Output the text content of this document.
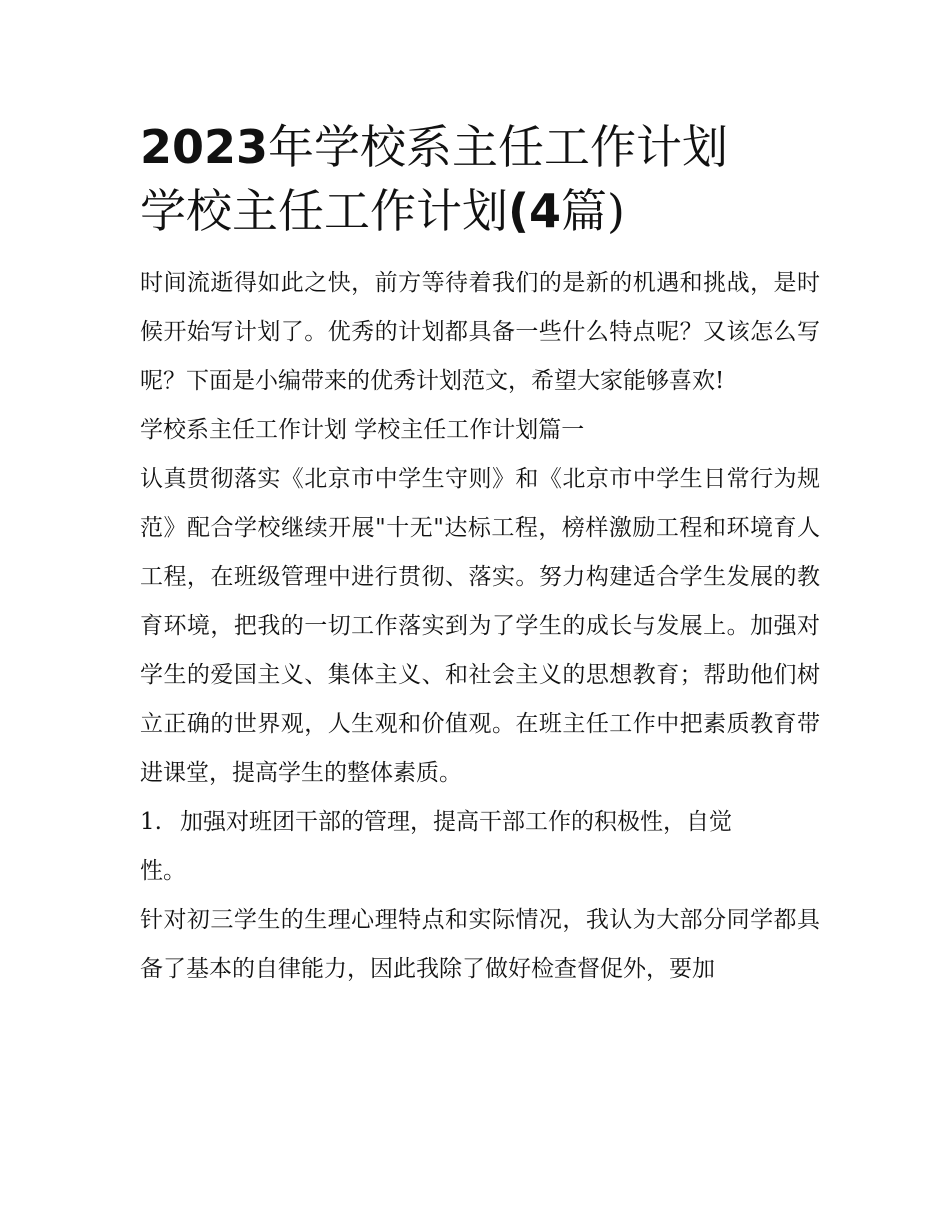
2023年学校系主任工作计划
学校主任工作计划(4篇)

时间流逝得如此之快，前方等待着我们的是新的机遇和挑战，是时候开始写计划了。优秀的计划都具备一些什么特点呢？又该怎么写呢？下面是小编带来的优秀计划范文，希望大家能够喜欢!

学校系主任工作计划 学校主任工作计划篇一

认真贯彻落实《北京市中学生守则》和《北京市中学生日常行为规范》配合学校继续开展"十无"达标工程，榜样激励工程和环境育人工程，在班级管理中进行贯彻、落实。努力构建适合学生发展的教育环境，把我的一切工作落实到为了学生的成长与发展上。加强对学生的爱国主义、集体主义、和社会主义的思想教育；帮助他们树立正确的世界观，人生观和价值观。在班主任工作中把素质教育带进课堂，提高学生的整体素质。

1. 加强对班团干部的管理，提高干部工作的积极性，自觉
性。

针对初三学生的生理心理特点和实际情况，我认为大部分同学都具备了基本的自律能力，因此我除了做好检查督促外，要加
